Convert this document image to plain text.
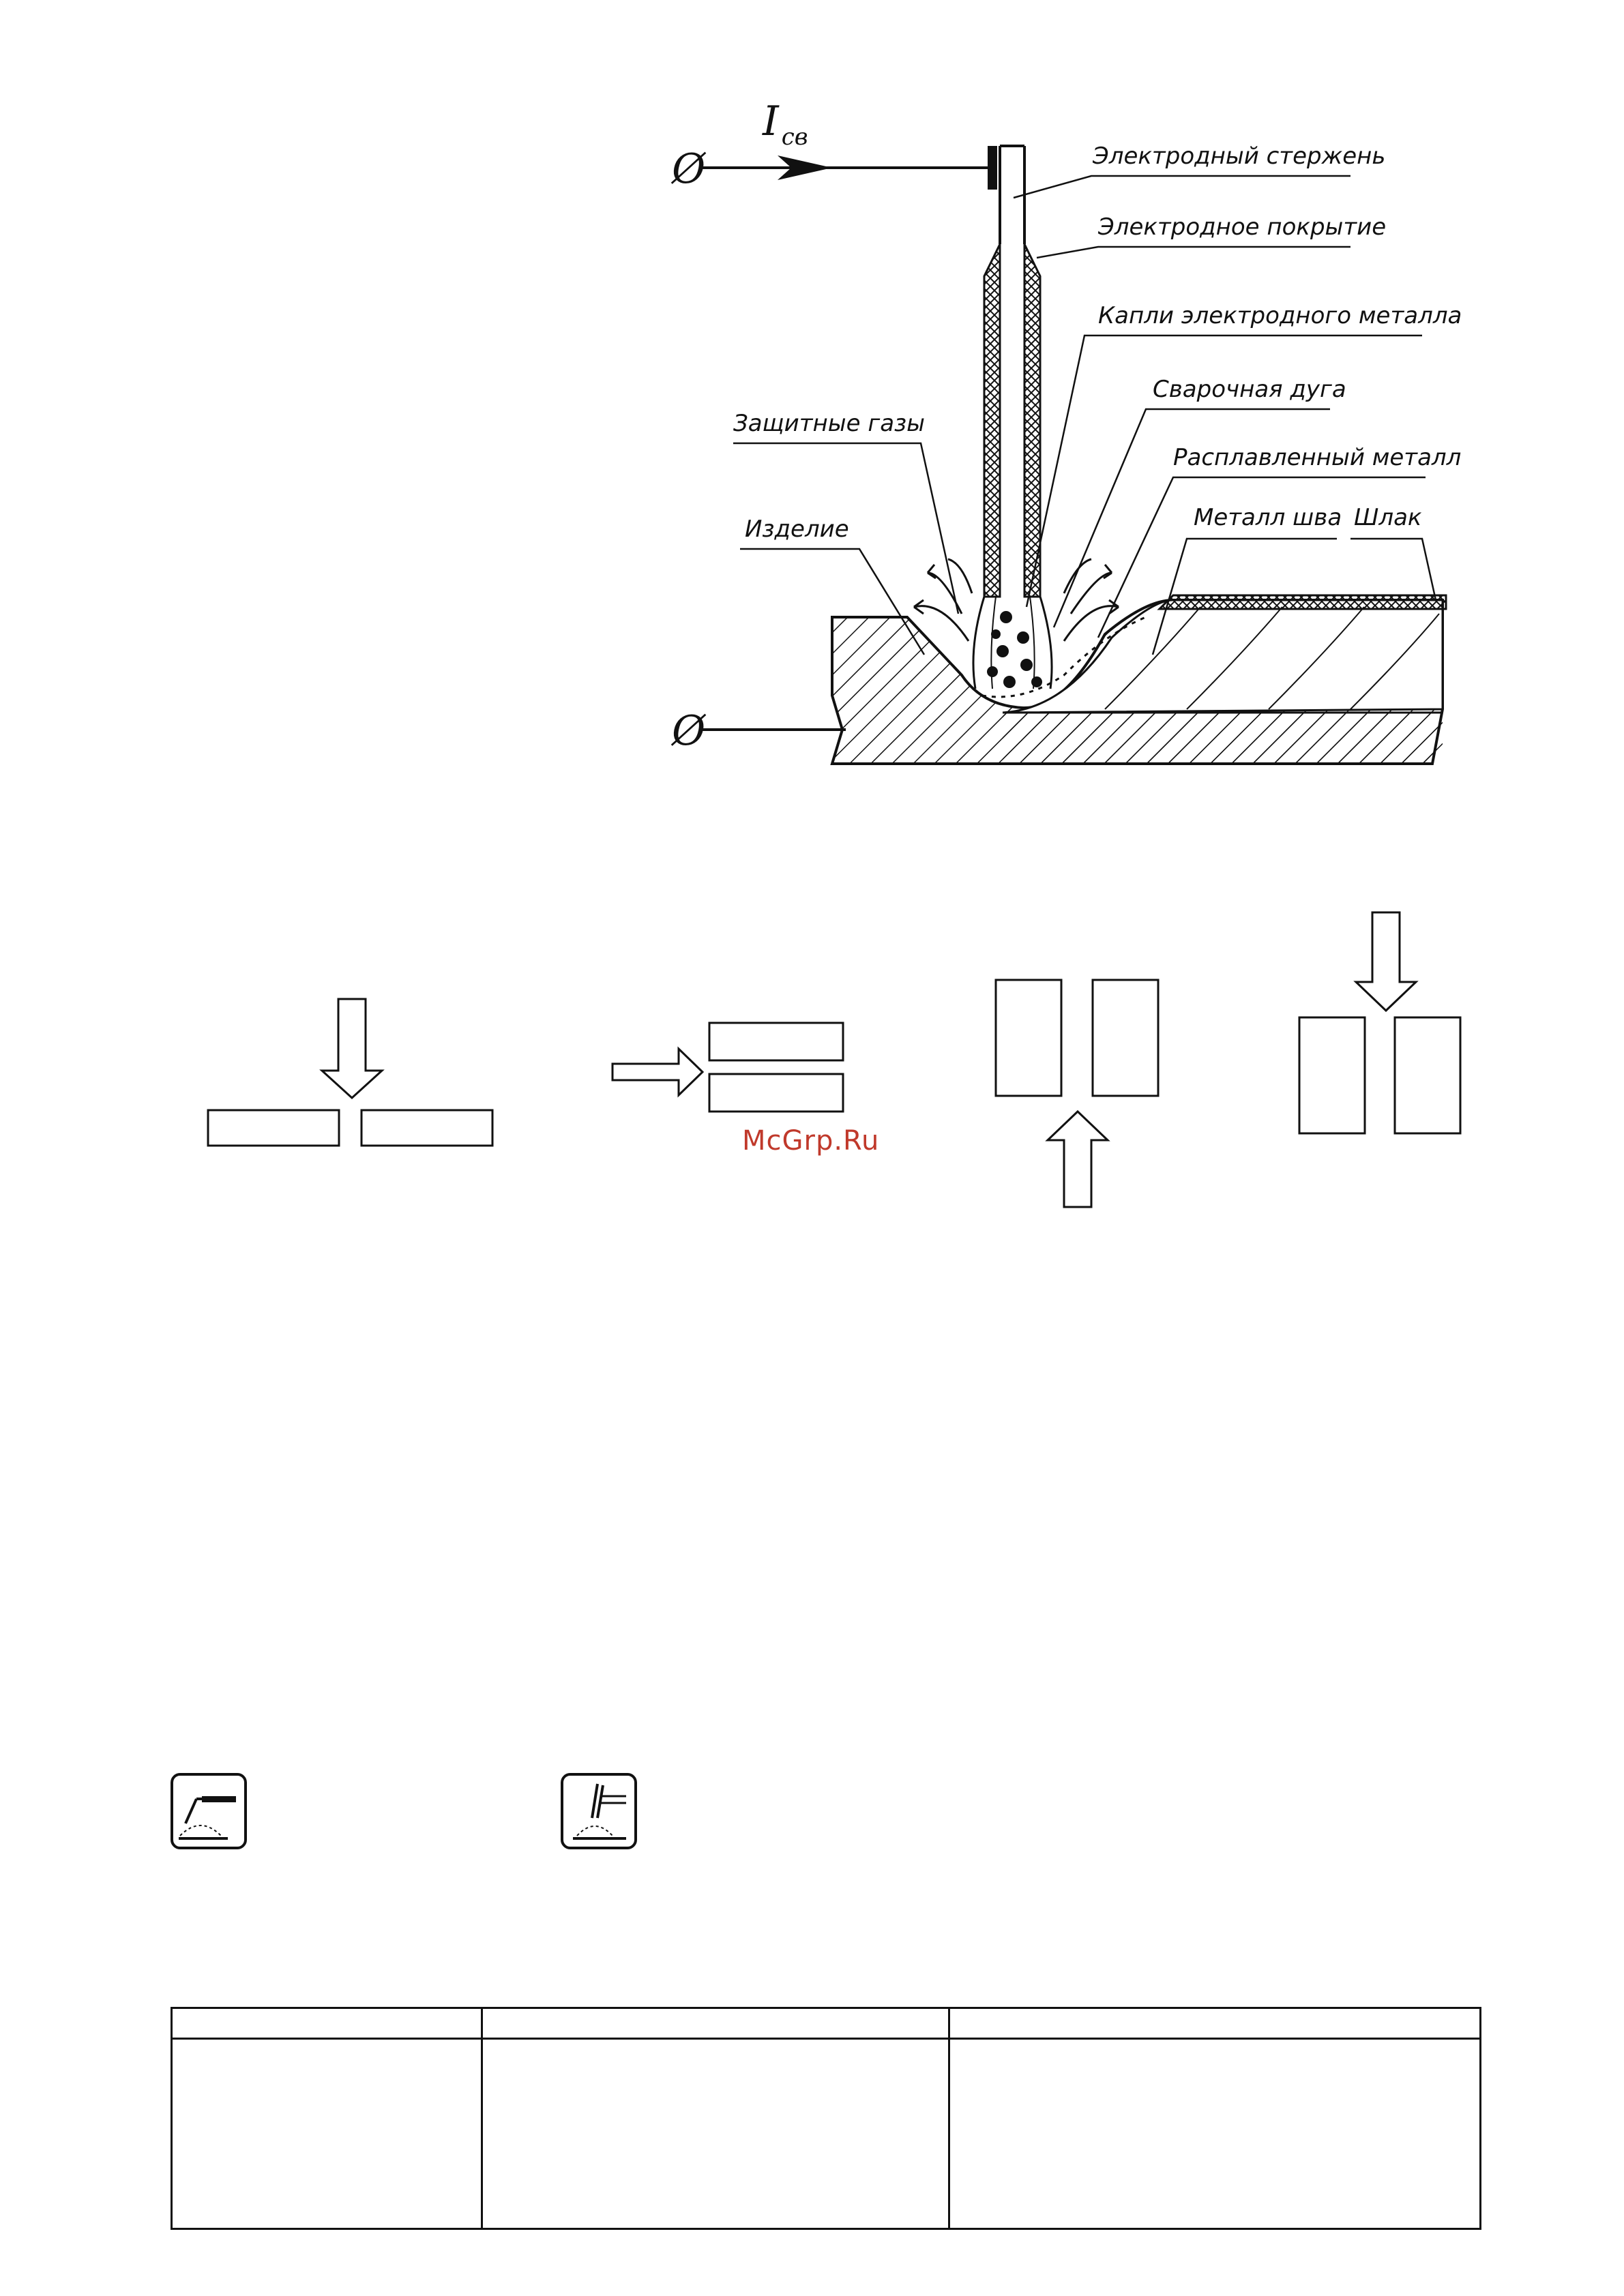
Ø
I $_{св}$
Ø
Электродный стержень
Электродное покрытие
Капли электродного металла
Сварочная дуга
Защитные газы
Расплавленный металл
Изделие	Металл шва Шлак
McGrp.Ru
